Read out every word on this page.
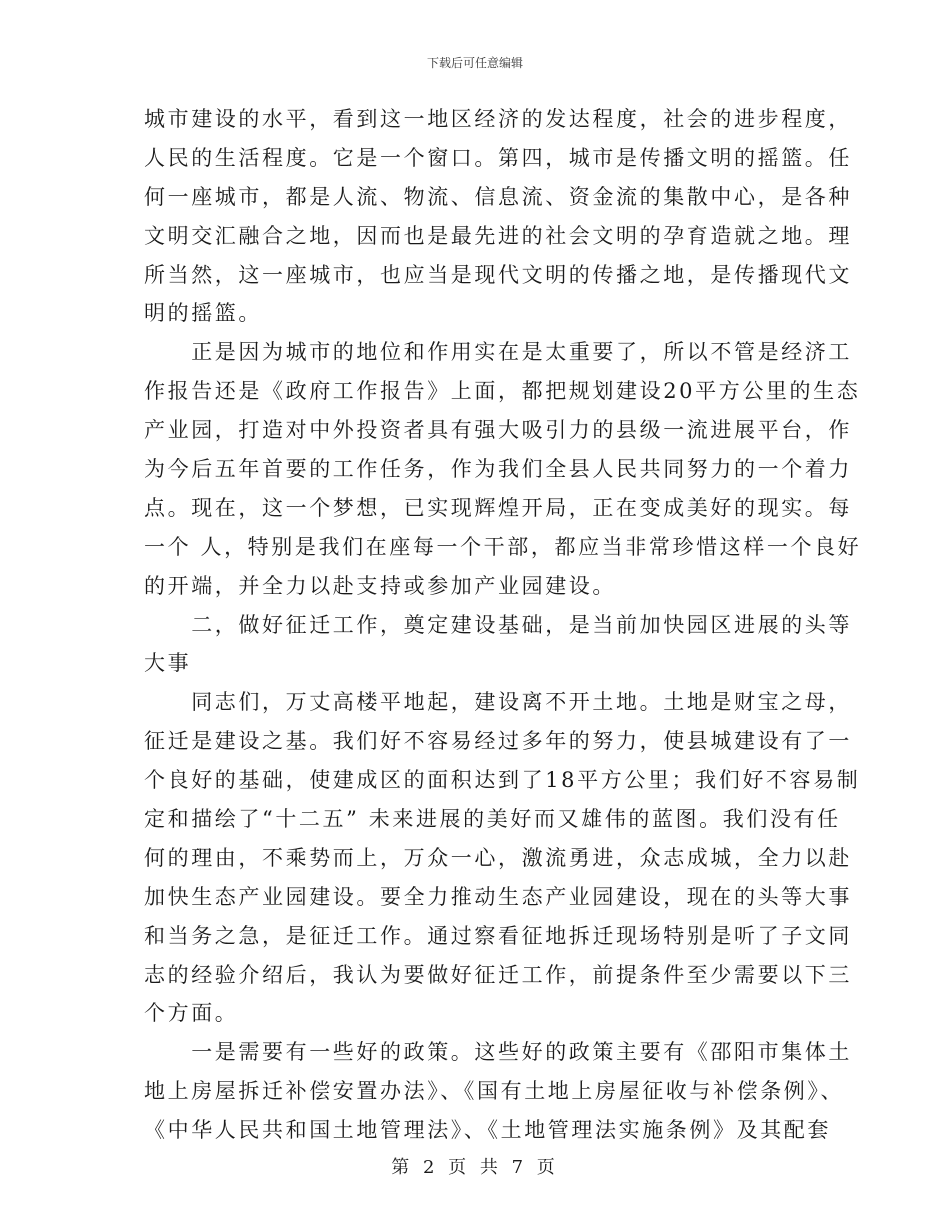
下载后可任意编辑
城市建设的水平，看到这一地区经济的发达程度，社会的进步程度，
人民的生活程度。它是一个窗口。第四，城市是传播文明的摇篮。任
何一座城市，都是人流、物流、信息流、资金流的集散中心，是各种
文明交汇融合之地，因而也是最先进的社会文明的孕育造就之地。理
所当然，这一座城市，也应当是现代文明的传播之地，是传播现代文
明的摇篮。
　　正是因为城市的地位和作用实在是太重要了，所以不管是经济工
作报告还是《政府工作报告》上面，都把规划建设20平方公里的生态
产业园，打造对中外投资者具有强大吸引力的县级一流进展平台，作
为今后五年首要的工作任务，作为我们全县人民共同努力的一个着力
点。现在，这一个梦想，已实现辉煌开局，正在变成美好的现实。每
一个 人，特别是我们在座每一个干部，都应当非常珍惜这样一个良好
的开端，并全力以赴支持或参加产业园建设。
　　二，做好征迁工作，奠定建设基础，是当前加快园区进展的头等
大事
　　同志们，万丈高楼平地起，建设离不开土地。土地是财宝之母，
征迁是建设之基。我们好不容易经过多年的努力，使县城建设有了一
个良好的基础，使建成区的面积达到了18平方公里；我们好不容易制
定和描绘了“十二五” 未来进展的美好而又雄伟的蓝图。我们没有任
何的理由，不乘势而上，万众一心，激流勇进，众志成城，全力以赴
加快生态产业园建设。要全力推动生态产业园建设，现在的头等大事
和当务之急，是征迁工作。通过察看征地拆迁现场特别是听了子文同
志的经验介绍后，我认为要做好征迁工作，前提条件至少需要以下三
个方面。
　　一是需要有一些好的政策。这些好的政策主要有《邵阳市集体土
地上房屋拆迁补偿安置办法》、《国有土地上房屋征收与补偿条例》、
《中华人民共和国土地管理法》、《土地管理法实施条例》及其配套
第 2 页 共 7 页
